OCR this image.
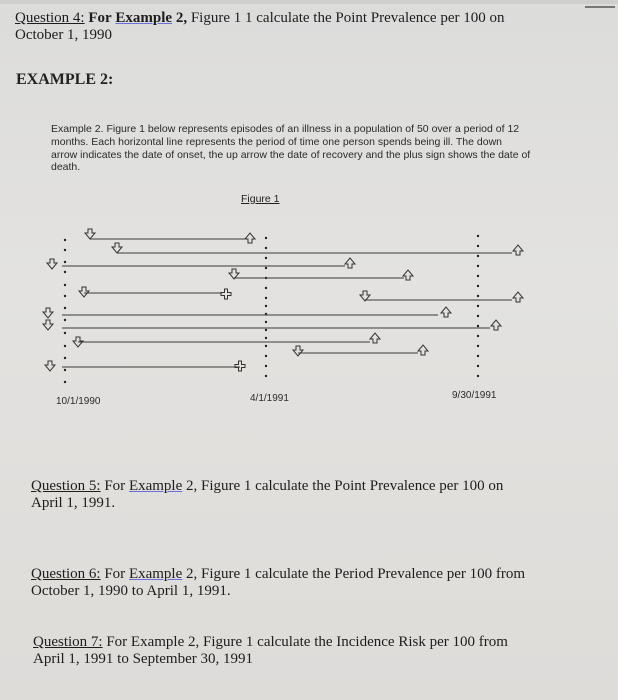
Question 4: For Example 2, Figure 1 1 calculate the Point Prevalence per 100 on
October 1, 1990
EXAMPLE 2:
Example 2. Figure 1 below represents episodes of an illness in a population of 50 over a period of 12 months. Each horizontal line represents the period of time one person spends being ill. The down arrow indicates the date of onset, the up arrow the date of recovery and the plus sign shows the date of death.
Figure 1
10/1/1990	4/1/1991	9/30/1991
Question 5: For Example 2, Figure 1 calculate the Point Prevalence per 100 on
April 1, 1991.
Question 6: For Example 2, Figure 1 calculate the Period Prevalence per 100 from
October 1, 1990 to April 1, 1991.
Question 7: For Example 2, Figure 1 calculate the Incidence Risk per 100 from
April 1, 1991 to September 30, 1991
